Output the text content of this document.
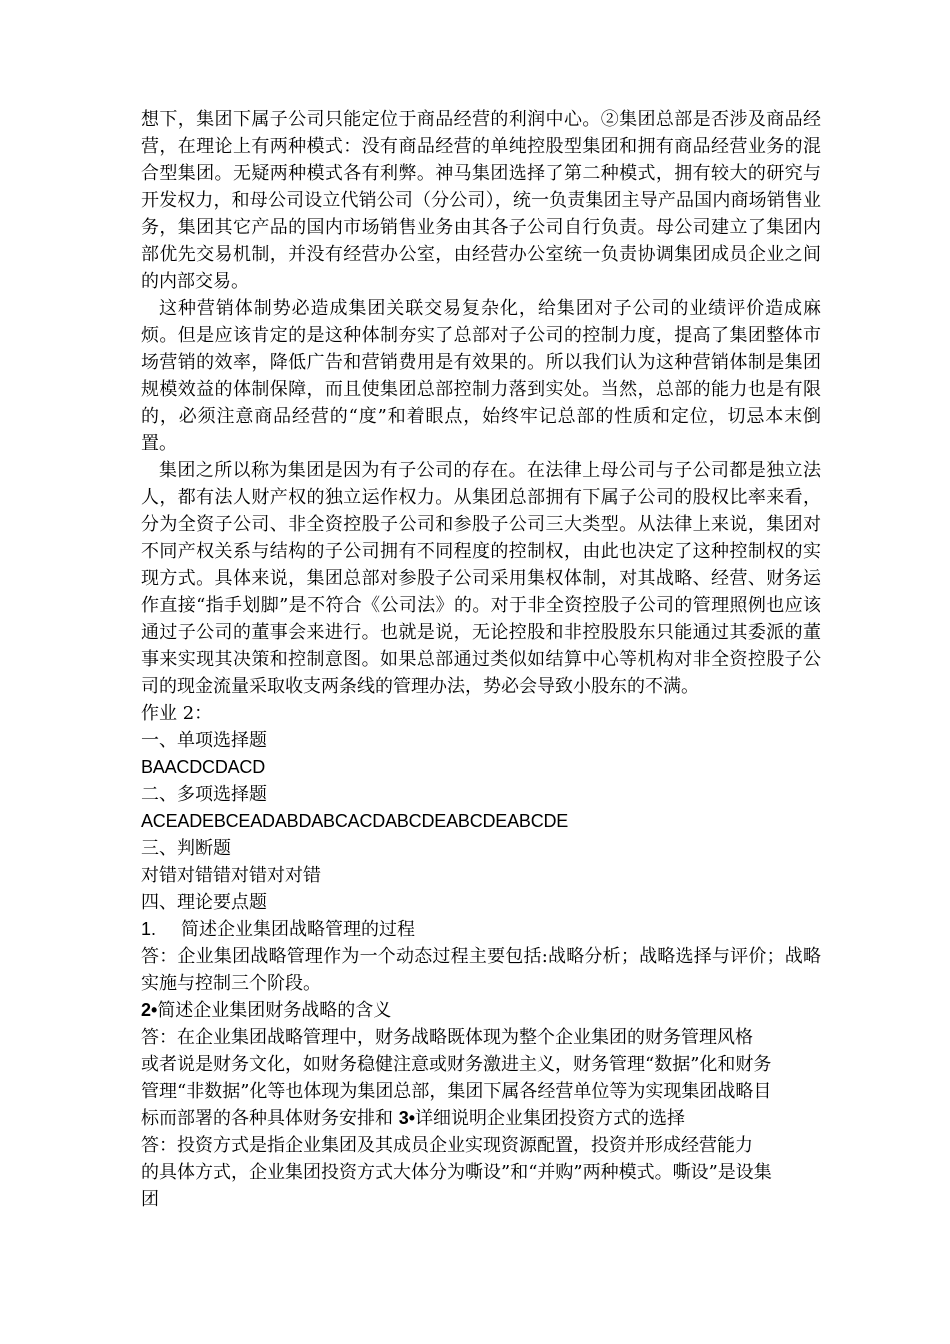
想下，集团下属子公司只能定位于商品经营的利润中心。②集团总部是否涉及商品经营，在理论上有两种模式：没有商品经营的单纯控股型集团和拥有商品经营业务的混合型集团。无疑两种模式各有利弊。神马集团选择了第二种模式，拥有较大的研究与开发权力，和母公司设立代销公司（分公司），统一负责集团主导产品国内商场销售业务，集团其它产品的国内市场销售业务由其各子公司自行负责。母公司建立了集团内部优先交易机制，并没有经营办公室，由经营办公室统一负责协调集团成员企业之间的内部交易。

这种营销体制势必造成集团关联交易复杂化，给集团对子公司的业绩评价造成麻烦。但是应该肯定的是这种体制夯实了总部对子公司的控制力度，提高了集团整体市场营销的效率，降低广告和营销费用是有效果的。所以我们认为这种营销体制是集团规模效益的体制保障，而且使集团总部控制力落到实处。当然，总部的能力也是有限的，必须注意商品经营的“度”和着眼点，始终牢记总部的性质和定位，切忌本末倒置。

集团之所以称为集团是因为有子公司的存在。在法律上母公司与子公司都是独立法人，都有法人财产权的独立运作权力。从集团总部拥有下属子公司的股权比率来看，分为全资子公司、非全资控股子公司和参股子公司三大类型。从法律上来说，集团对不同产权关系与结构的子公司拥有不同程度的控制权，由此也决定了这种控制权的实现方式。具体来说，集团总部对参股子公司采用集权体制，对其战略、经营、财务运作直接“指手划脚”是不符合《公司法》的。对于非全资控股子公司的管理照例也应该通过子公司的董事会来进行。也就是说，无论控股和非控股股东只能通过其委派的董事来实现其决策和控制意图。如果总部通过类似如结算中心等机构对非全资控股子公司的现金流量采取收支两条线的管理办法，势必会导致小股东的不满。

作业 2：

一、单项选择题

BAACDCDACD

二、多项选择题

ACEADEBCEADABDABCACDABCDEABCDEABCDE

三、判断题

对错对错错对错对对错

四、理论要点题

1. 简述企业集团战略管理的过程

答：企业集团战略管理作为一个动态过程主要包括:战略分析；战略选择与评价；战略实施与控制三个阶段。

2•简述企业集团财务战略的含义

答：在企业集团战略管理中，财务战略既体现为整个企业集团的财务管理风格

或者说是财务文化，如财务稳健注意或财务激进主义，财务管理“数据”化和财务

管理“非数据”化等也体现为集团总部，集团下属各经营单位等为实现集团战略目

标而部署的各种具体财务安排和 3•详细说明企业集团投资方式的选择

答：投资方式是指企业集团及其成员企业实现资源配置，投资并形成经营能力

的具体方式，企业集团投资方式大体分为嘶设”和“并购”两种模式。嘶设”是设集

团
